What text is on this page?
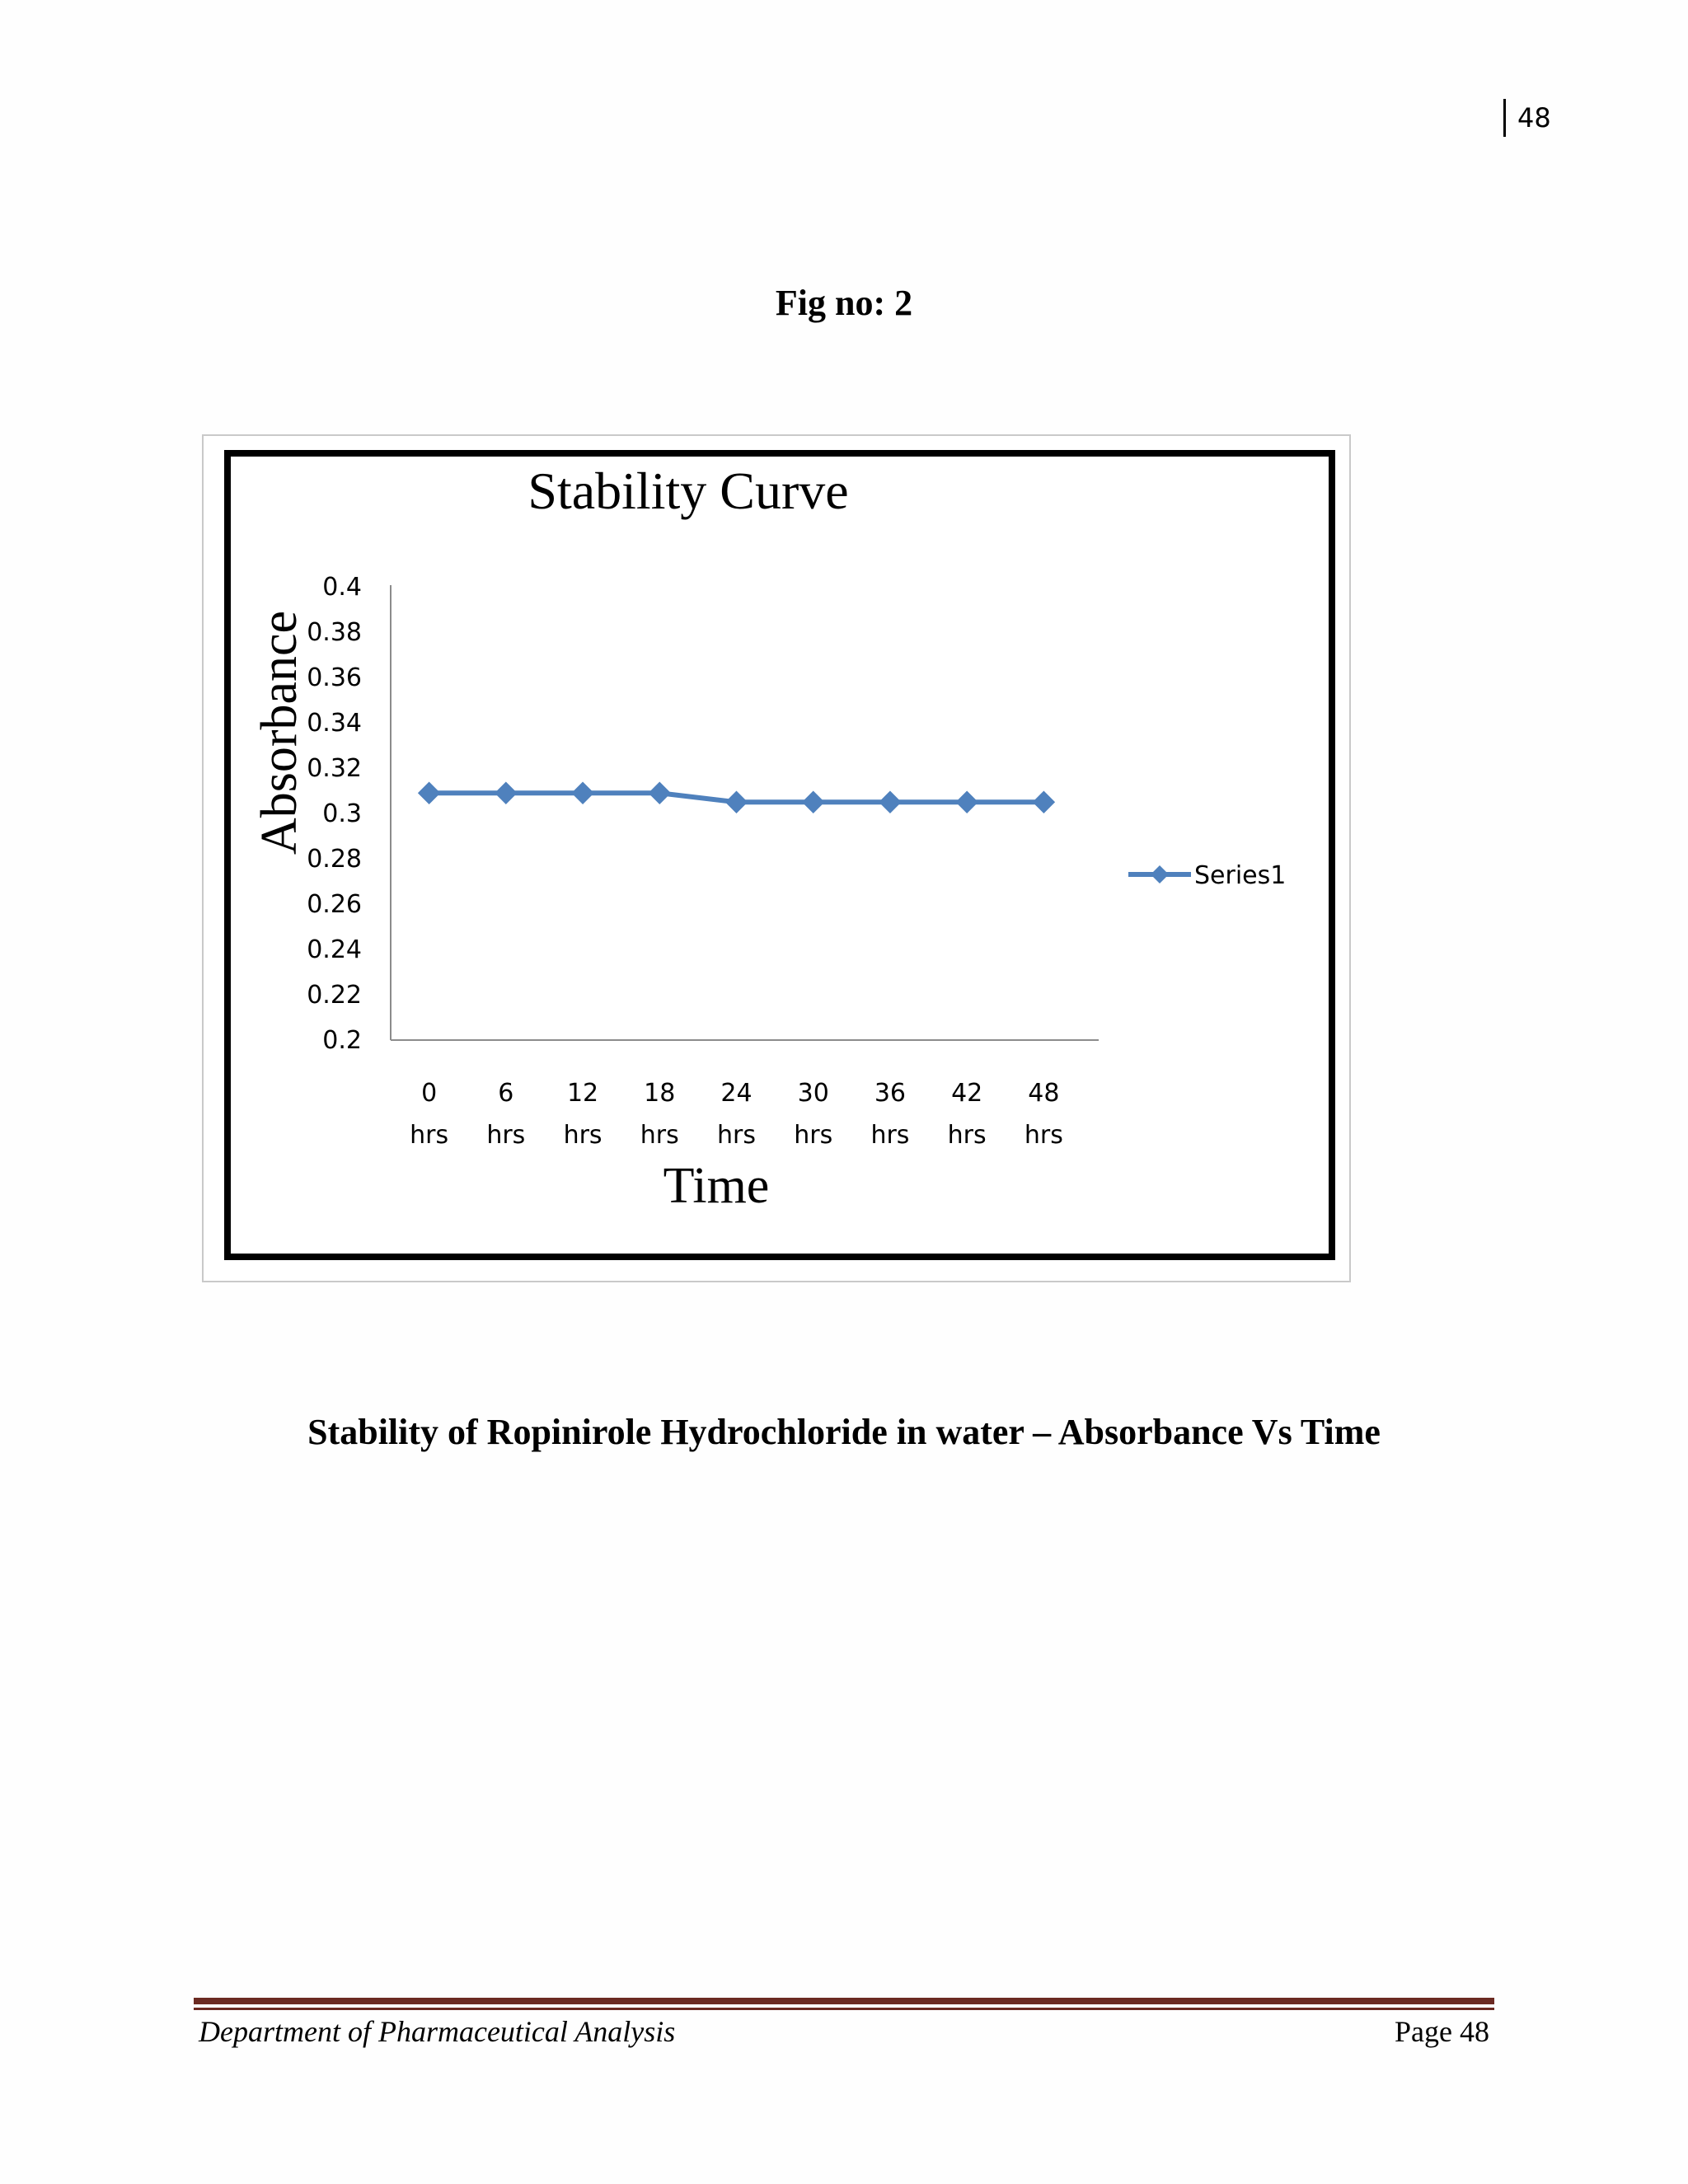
48
Fig no: 2
Stability Curve
Absorbance
Time
0.4
0.38
0.36
0.34
0.32
0.3
0.28
0.26
0.24
0.22
0.2
0 hrs
6 hrs
12 hrs
18 hrs
24 hrs
30 hrs
36 hrs
42 hrs
48 hrs
Series1
Stability of Ropinirole Hydrochloride in water – Absorbance Vs Time
Department of Pharmaceutical Analysis	Page 48
